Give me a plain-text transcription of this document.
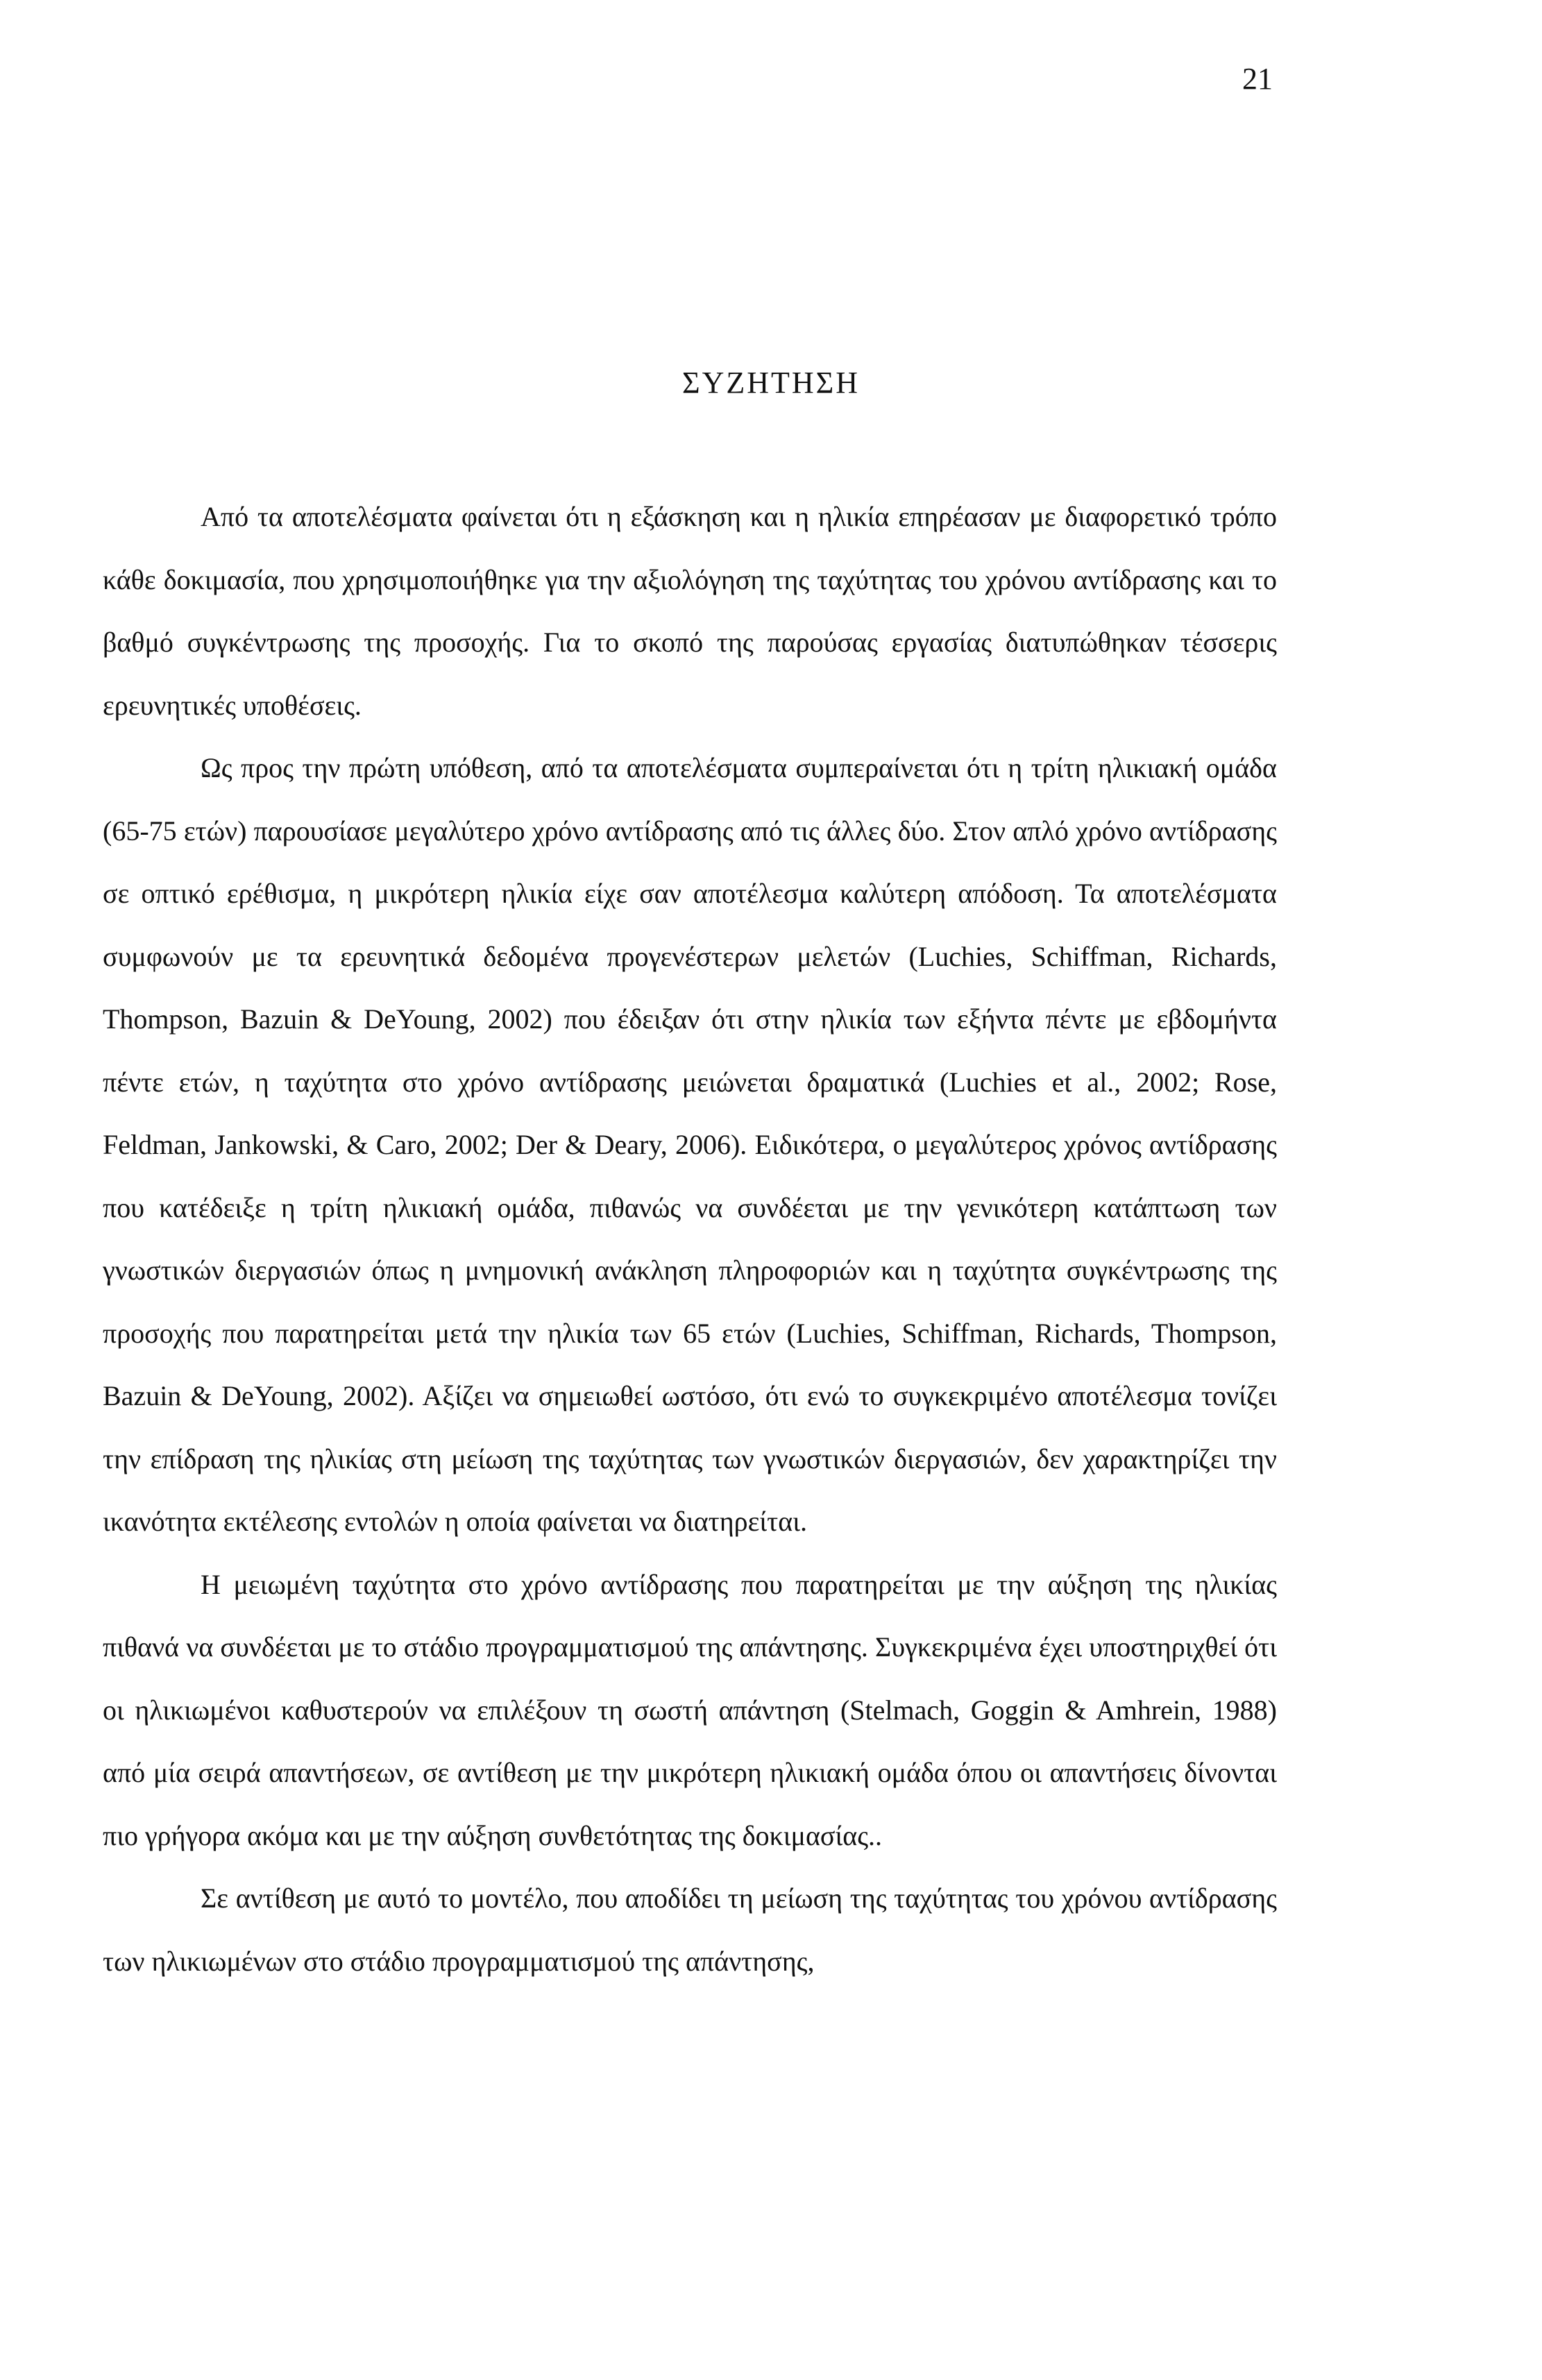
21
ΣΥΖΗΤΗΣΗ

Από τα αποτελέσματα φαίνεται ότι η εξάσκηση και η ηλικία επηρέασαν με διαφορετικό τρόπο κάθε δοκιμασία, που χρησιμοποιήθηκε για την αξιολόγηση της ταχύτητας του χρόνου αντίδρασης και το βαθμό συγκέντρωσης της προσοχής. Για το σκοπό της παρούσας εργασίας διατυπώθηκαν τέσσερις ερευνητικές υποθέσεις.

Ως προς την πρώτη υπόθεση, από τα αποτελέσματα συμπεραίνεται ότι η τρίτη ηλικιακή ομάδα (65-75 ετών) παρουσίασε μεγαλύτερο χρόνο αντίδρασης από τις άλλες δύο. Στον απλό χρόνο αντίδρασης σε οπτικό ερέθισμα, η μικρότερη ηλικία είχε σαν αποτέλεσμα καλύτερη απόδοση. Τα αποτελέσματα συμφωνούν με τα ερευνητικά δεδομένα προγενέστερων μελετών (Luchies, Schiffman, Richards, Thompson, Bazuin & DeYoung, 2002) που έδειξαν ότι στην ηλικία των εξήντα πέντε με εβδομήντα πέντε ετών, η ταχύτητα στο χρόνο αντίδρασης μειώνεται δραματικά (Luchies et al., 2002; Rose, Feldman, Jankowski, & Caro, 2002; Der & Deary, 2006). Ειδικότερα, ο μεγαλύτερος χρόνος αντίδρασης που κατέδειξε η τρίτη ηλικιακή ομάδα, πιθανώς να συνδέεται με την γενικότερη κατάπτωση των γνωστικών διεργασιών όπως η μνημονική ανάκληση πληροφοριών και η ταχύτητα συγκέντρωσης της προσοχής που παρατηρείται μετά την ηλικία των 65 ετών (Luchies, Schiffman, Richards, Thompson, Bazuin & DeYoung, 2002). Αξίζει να σημειωθεί ωστόσο, ότι ενώ το συγκεκριμένο αποτέλεσμα τονίζει την επίδραση της ηλικίας στη μείωση της ταχύτητας των γνωστικών διεργασιών, δεν χαρακτηρίζει την ικανότητα εκτέλεσης εντολών η οποία φαίνεται να διατηρείται.

Η μειωμένη ταχύτητα στο χρόνο αντίδρασης που παρατηρείται με την αύξηση της ηλικίας πιθανά να συνδέεται με το στάδιο προγραμματισμού της απάντησης. Συγκεκριμένα έχει υποστηριχθεί ότι οι ηλικιωμένοι καθυστερούν να επιλέξουν τη σωστή απάντηση (Stelmach, Goggin & Amhrein, 1988) από μία σειρά απαντήσεων, σε αντίθεση με την μικρότερη ηλικιακή ομάδα όπου οι απαντήσεις δίνονται πιο γρήγορα ακόμα και με την αύξηση συνθετότητας της δοκιμασίας..

Σε αντίθεση με αυτό το μοντέλο, που αποδίδει τη μείωση της ταχύτητας του χρόνου αντίδρασης των ηλικιωμένων στο στάδιο προγραμματισμού της απάντησης,
